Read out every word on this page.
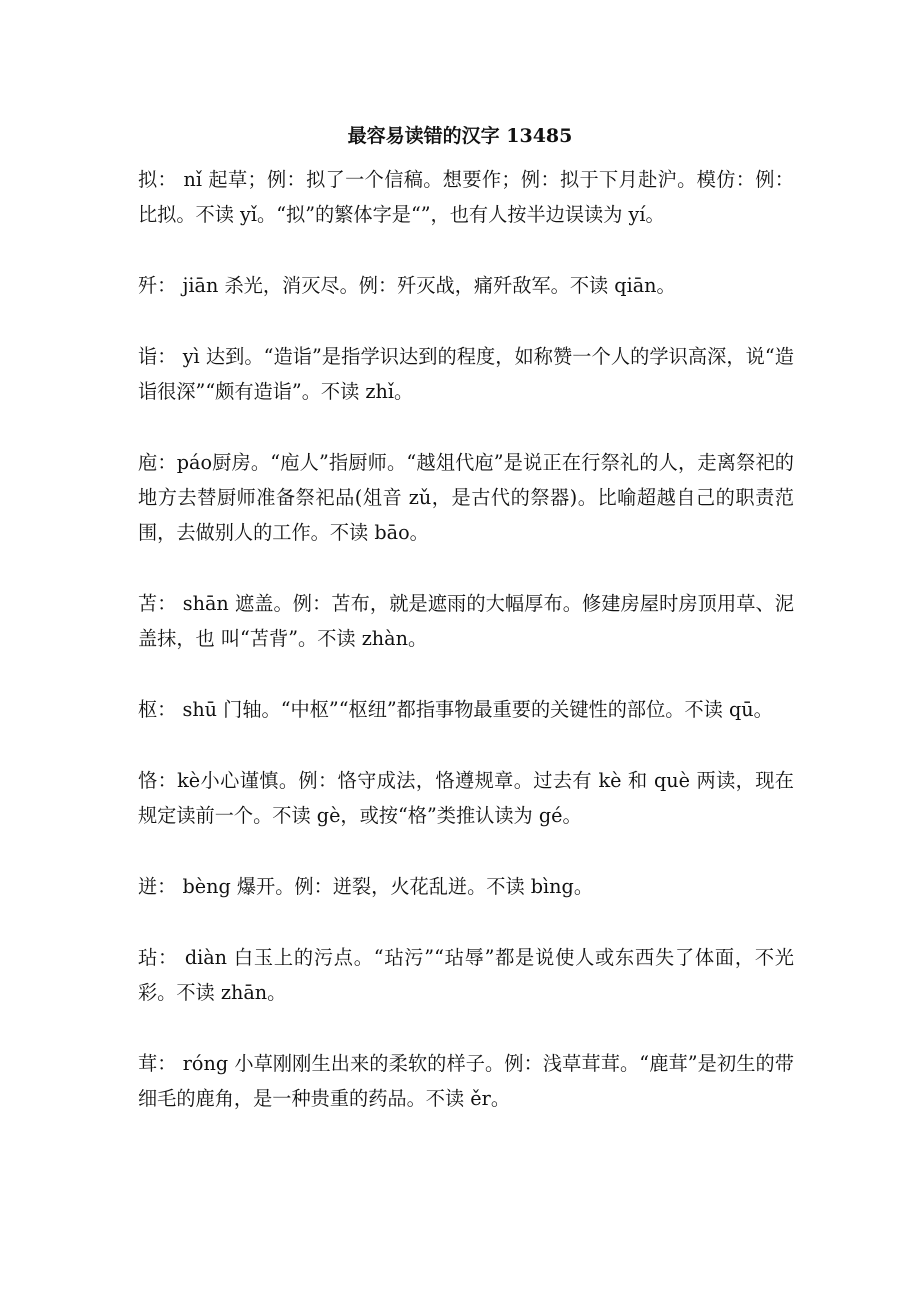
最容易读错的汉字 13485

拟： nǐ 起草；例：拟了一个信稿。想要作；例：拟于下月赴沪。模仿：例：比拟。不读 yǐ。“拟”的繁体字是“”，也有人按半边误读为 yí。

歼： jiān 杀光，消灭尽。例：歼灭战，痛歼敌军。不读 qiān。

诣： yì 达到。“造诣”是指学识达到的程度，如称赞一个人的学识高深，说“造诣很深”“颇有造诣”。不读 zhǐ。

庖：páo厨房。“庖人”指厨师。“越俎代庖”是说正在行祭礼的人，走离祭祀的地方去替厨师准备祭祀品(俎音 zǔ，是古代的祭器)。比喻超越自己的职责范围，去做别人的工作。不读 bāo。

苫： shān 遮盖。例：苫布，就是遮雨的大幅厚布。修建房屋时房顶用草、泥盖抹，也 叫“苫背”。不读 zhàn。

枢： shū 门轴。“中枢”“枢纽”都指事物最重要的关键性的部位。不读 qū。

恪：kè小心谨慎。例：恪守成法，恪遵规章。过去有 kè 和 què 两读，现在规定读前一个。不读 gè，或按“格”类推认读为 gé。

迸： bèng 爆开。例：迸裂，火花乱迸。不读 bìng。

玷： diàn 白玉上的污点。“玷污”“玷辱”都是说使人或东西失了体面，不光彩。不读 zhān。

茸： róng 小草刚刚生出来的柔软的样子。例：浅草茸茸。“鹿茸”是初生的带细毛的鹿角，是一种贵重的药品。不读 ěr。
